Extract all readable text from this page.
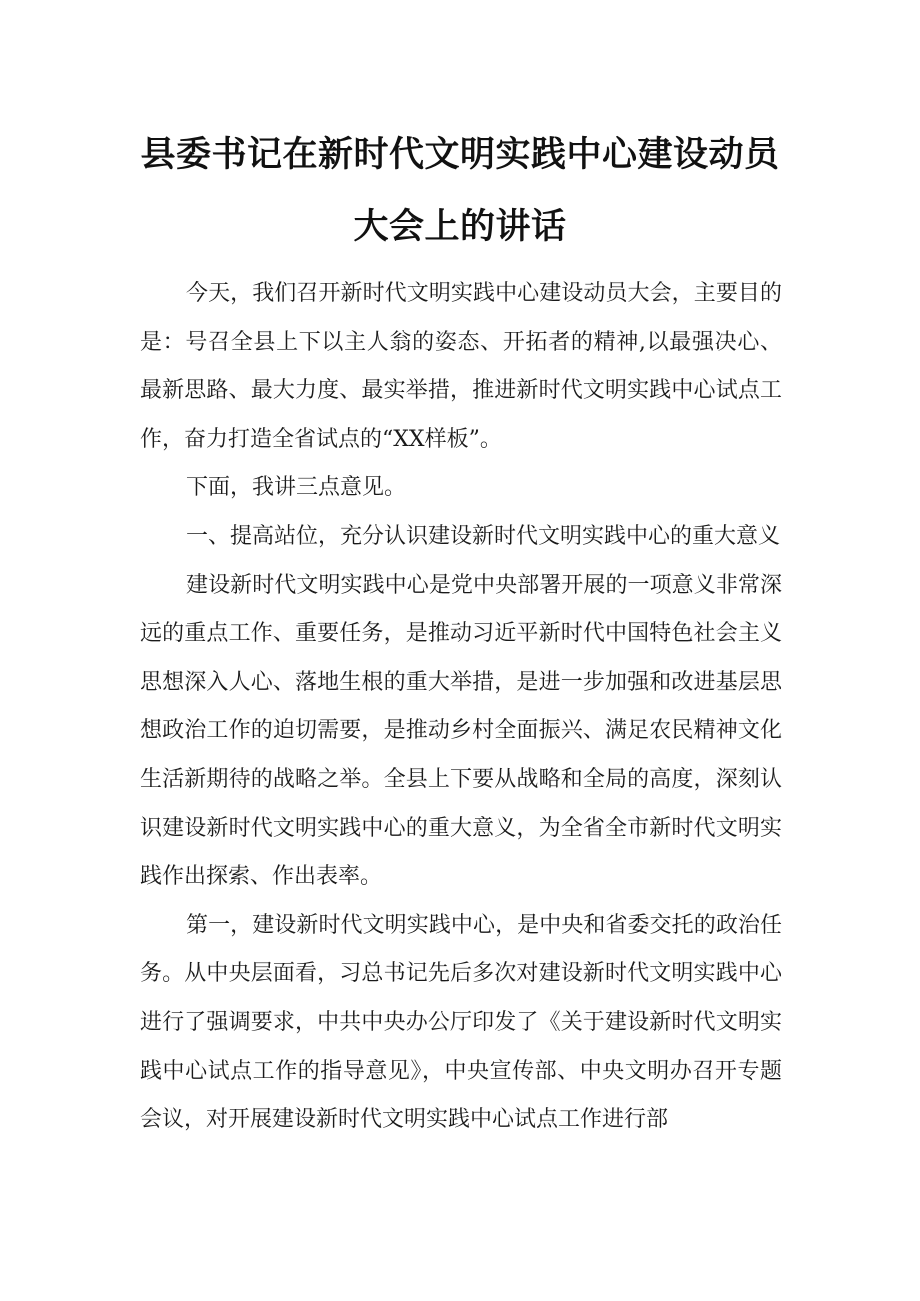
县委书记在新时代文明实践中心建设动员
大会上的讲话

今天，我们召开新时代文明实践中心建设动员大会，主要目的是：号召全县上下以主人翁的姿态、开拓者的精神,以最强决心、最新思路、最大力度、最实举措，推进新时代文明实践中心试点工作，奋力打造全省试点的“XX样板”。

下面，我讲三点意见。

一、提高站位，充分认识建设新时代文明实践中心的重大意义

建设新时代文明实践中心是党中央部署开展的一项意义非常深远的重点工作、重要任务，是推动习近平新时代中国特色社会主义思想深入人心、落地生根的重大举措，是进一步加强和改进基层思想政治工作的迫切需要，是推动乡村全面振兴、满足农民精神文化生活新期待的战略之举。全县上下要从战略和全局的高度，深刻认识建设新时代文明实践中心的重大意义，为全省全市新时代文明实践作出探索、作出表率。

第一，建设新时代文明实践中心，是中央和省委交托的政治任务。从中央层面看，习总书记先后多次对建设新时代文明实践中心进行了强调要求，中共中央办公厅印发了《关于建设新时代文明实践中心试点工作的指导意见》，中央宣传部、中央文明办召开专题会议，对开展建设新时代文明实践中心试点工作进行部
